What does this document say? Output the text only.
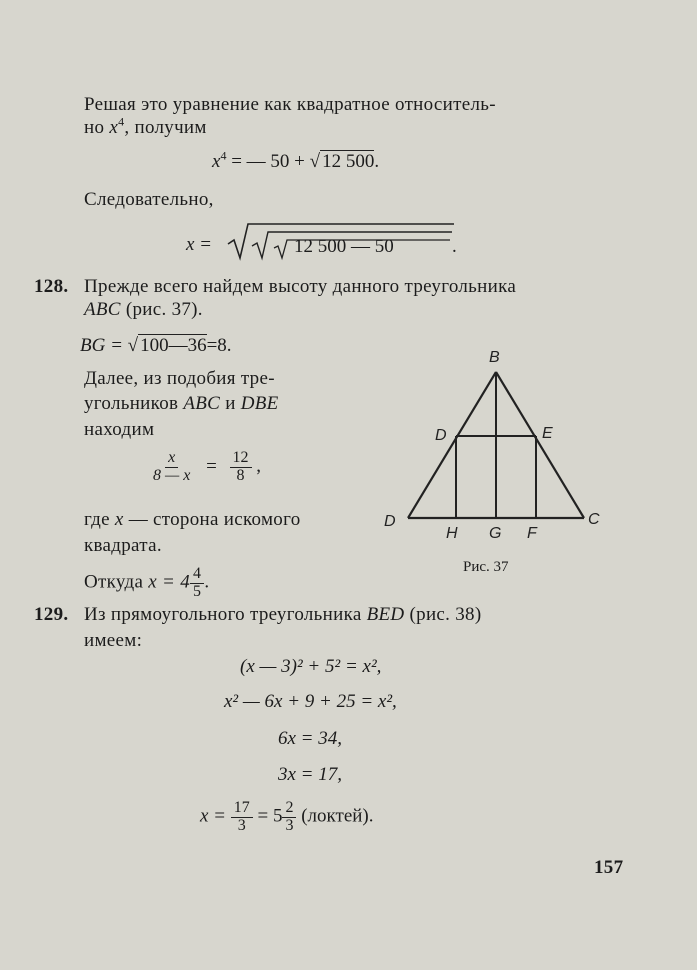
Решая это уравнение как квадратное относитель-
но $x^4$, получим
$x^4$ = — 50 + √ 12 500.
Следовательно,
x =	12 500 — 50	.
128. Прежде всего найдем высоту данного треугольника
ABC (рис. 37).
BG = √ 100—36=8.
Далее, из подобия тре-
угольников ABC и DBE
находим
$\frac{x}{8 — x} = \frac{12}{8}$ ,
где x — сторона искомого
квадрата.
Откуда $x = 4 \frac{4}{5}$ .
B
D	E
D	C
H G F
Рис. 37
129. Из прямоугольного треугольника BED (рис. 38)
имеем:
(x — 3)² + 5² = x²,
x² — 6x + 9 + 25 = x²,
6x = 34,
3x = 17,
$x = \frac{17}{3} = 5 \frac{2}{3}$ (локтей).
157
